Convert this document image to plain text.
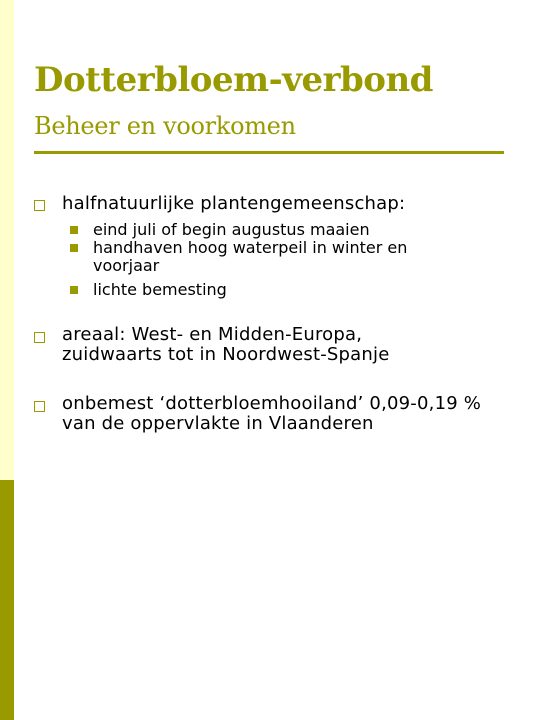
Dotterbloem-verbond
Beheer en voorkomen
halfnatuurlijke plantengemeenschap:
eind juli of begin augustus maaien
handhaven hoog waterpeil in winter en voorjaar
lichte bemesting
areaal: West- en Midden-Europa, zuidwaarts tot in Noordwest-Spanje
onbemest ‘dotterbloemhooiland’ 0,09-0,19 % van de oppervlakte in Vlaanderen
